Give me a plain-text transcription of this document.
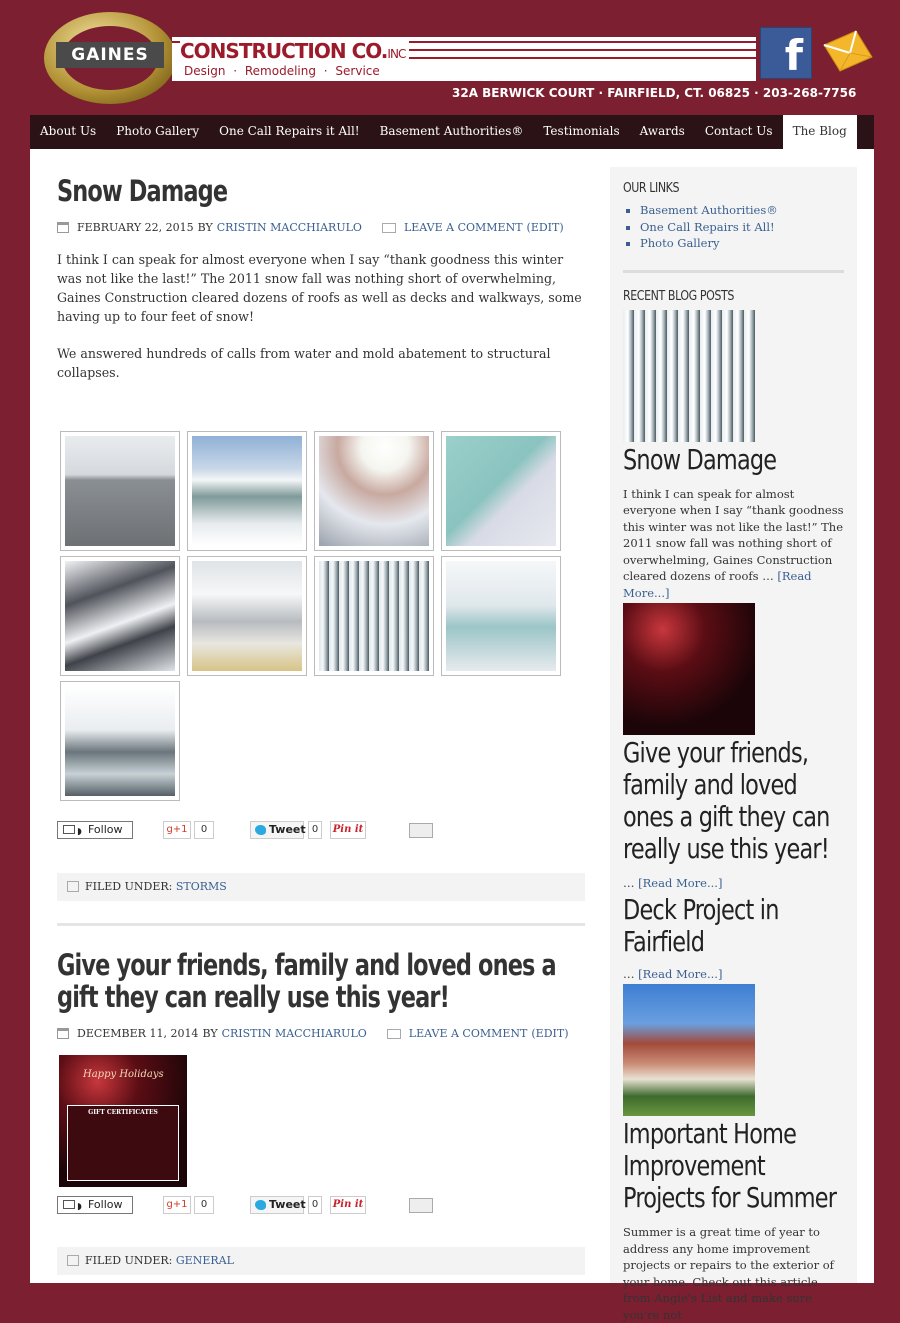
GAINES	CONSTRUCTION CO.INC
Design · Remodeling · Service
32A BERWICK COURT · FAIRFIELD, CT. 06825 · 203-268-7756
f
About Us	Photo Gallery	One Call Repairs it All!	Basement Authorities®	Testimonials	Awards	Contact Us	The Blog
Snow Damage
FEBRUARY 22, 2015 BY CRISTIN MACCHIARULO	LEAVE A COMMENT (EDIT)

I think I can speak for almost everyone when I say “thank goodness this winter was not like the last!” The 2011 snow fall was nothing short of overwhelming, Gaines Construction cleared dozens of roofs as well as decks and walkways, some having up to four feet of snow!

We answered hundreds of calls from water and mold abatement to structural collapses.

◗ Follow	g+1	0	Tweet 0	Pin it
FILED UNDER: STORMS
Give your friends, family and loved ones a gift they can really use this year!
DECEMBER 11, 2014 BY CRISTIN MACCHIARULO	LEAVE A COMMENT (EDIT)
Happy Holidays
GIFT CERTIFICATES
◗ Follow	g+1	0	Tweet 0	Pin it
FILED UNDER: GENERAL
OUR LINKS
▪ Basement Authorities®
▪ One Call Repairs it All!
▪ Photo Gallery
RECENT BLOG POSTS
Snow Damage
I think I can speak for almost everyone when I say “thank goodness this winter was not like the last!” The 2011 snow fall was nothing short of overwhelming, Gaines Construction cleared dozens of roofs … [Read More...]
Give your friends, family and loved ones a gift they can really use this year!
… [Read More...]
Deck Project in Fairfield
… [Read More...]
Important Home Improvement Projects for Summer
Summer is a great time of year to address any home improvement projects or repairs to the exterior of your home. Check out this article from Angie's List and make sure you're not
